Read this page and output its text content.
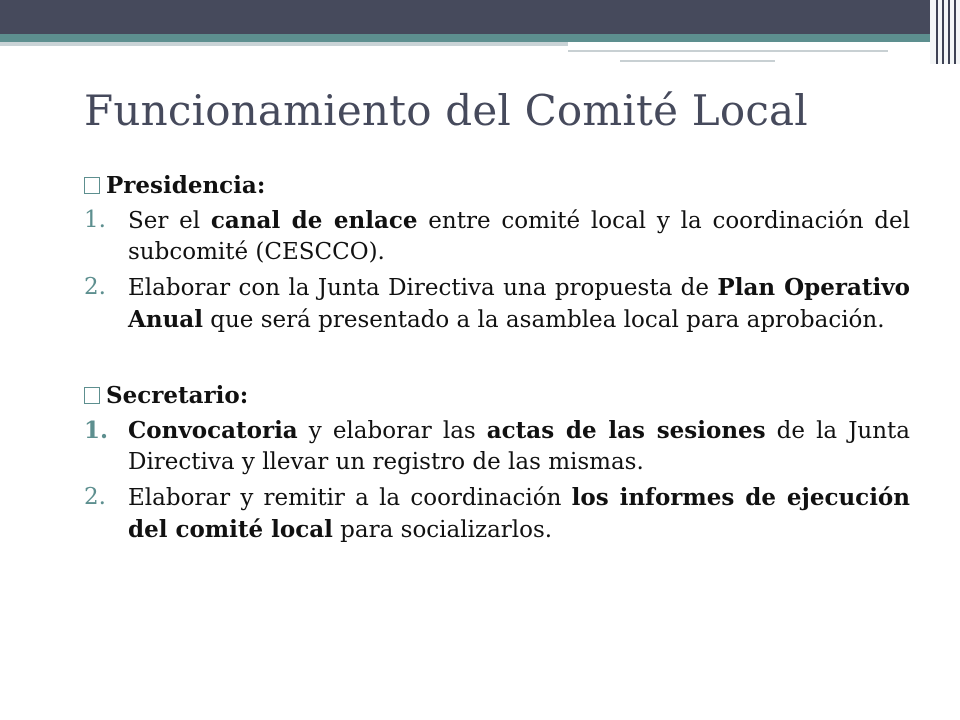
Funcionamiento del Comité Local

Presidencia:

1. Ser el canal de enlace entre comité local y la coordinación del subcomité (CESCCO).
2. Elaborar con la Junta Directiva una propuesta de Plan Operativo Anual que será presentado a la asamblea local para aprobación.

Secretario:

1. Convocatoria y elaborar las actas de las sesiones de la Junta Directiva y llevar un registro de las mismas.
2. Elaborar y remitir a la coordinación los informes de ejecución del comité local para socializarlos.
